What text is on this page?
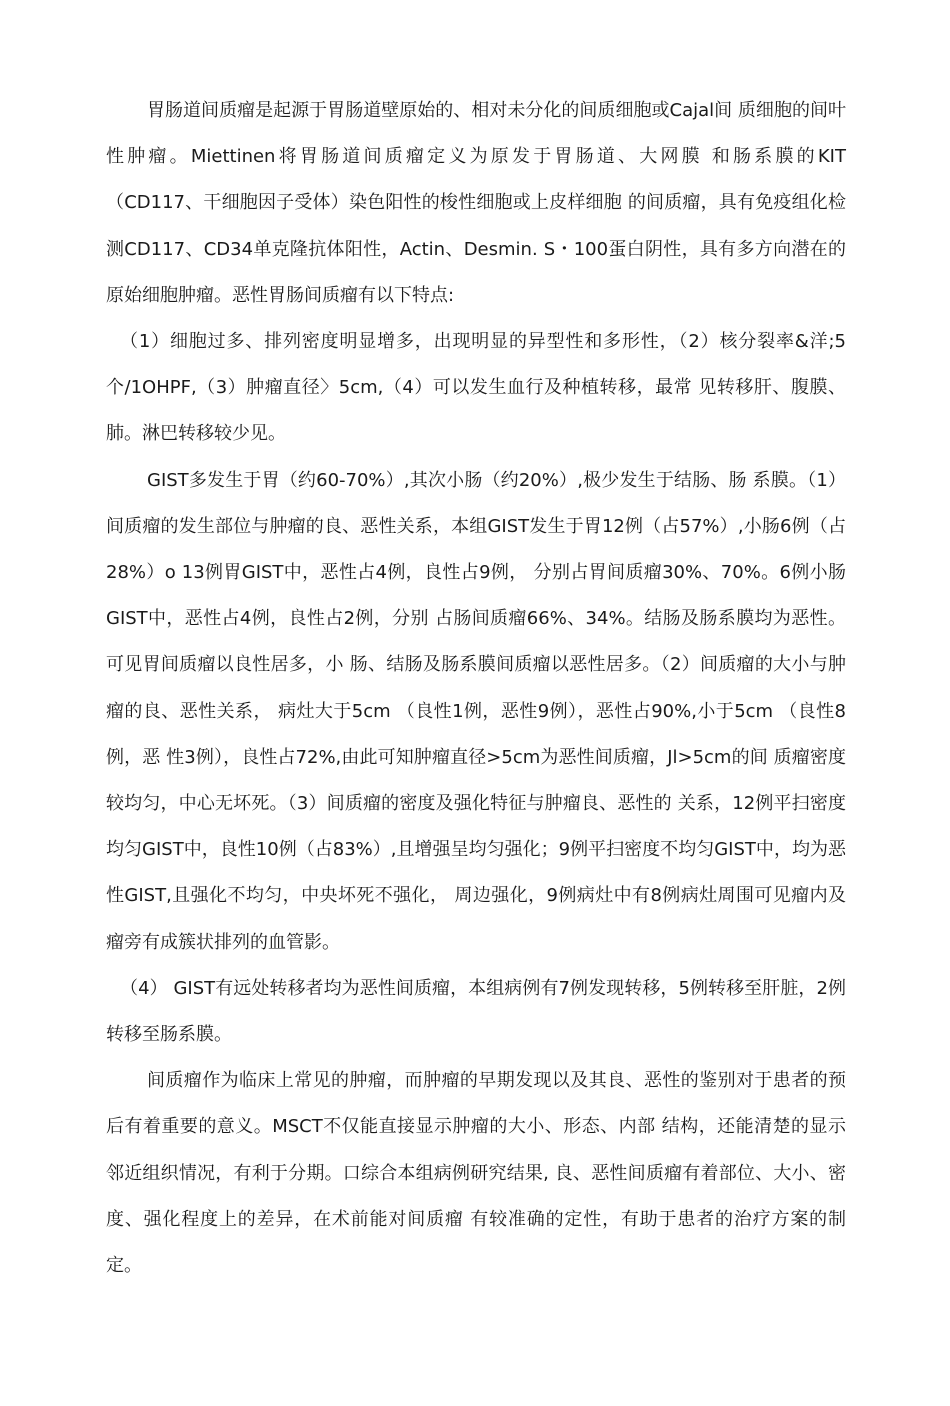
胃肠道间质瘤是起源于胃肠道壁原始的、相对未分化的间质细胞或Cajal间 质细胞的间叶性肿瘤。Miettinen将胃肠道间质瘤定义为原发于胃肠道、大网膜 和肠系膜的KIT （CD117、干细胞因子受体）染色阳性的梭性细胞或上皮样细胞 的间质瘤，具有免疫组化检测CD117、CD34单克隆抗体阳性，Actin、Desmin. S・100蛋白阴性，具有多方向潜在的原始细胞肿瘤。恶性胃肠间质瘤有以下特点:

（1）细胞过多、排列密度明显增多，出现明显的异型性和多形性，（2）核分裂率&洋;5个/1OHPF,（3）肿瘤直径〉5cm,（4）可以发生血行及种植转移，最常 见转移肝、腹膜、肺。淋巴转移较少见。

GIST多发生于胃（约60-70%）,其次小肠（约20%）,极少发生于结肠、肠 系膜。（1）间质瘤的发生部位与肿瘤的良、恶性关系，本组GIST发生于胃12例（占57%）,小肠6例（占28%）o 13例胃GIST中，恶性占4例，良性占9例， 分别占胃间质瘤30%、70%。6例小肠GIST中，恶性占4例，良性占2例，分别 占肠间质瘤66%、34%。结肠及肠系膜均为恶性。可见胃间质瘤以良性居多，小 肠、结肠及肠系膜间质瘤以恶性居多。（2）间质瘤的大小与肿瘤的良、恶性关系， 病灶大于5cm （良性1例，恶性9例），恶性占90%,小于5cm （良性8例，恶 性3例），良性占72%,由此可知肿瘤直径>5cm为恶性间质瘤，Jl>5cm的间 质瘤密度较均匀，中心无坏死。（3）间质瘤的密度及强化特征与肿瘤良、恶性的 关系，12例平扫密度均匀GIST中，良性10例（占83%）,且增强呈均匀强化；9例平扫密度不均匀GIST中，均为恶性GIST,且强化不均匀，中央坏死不强化， 周边强化，9例病灶中有8例病灶周围可见瘤内及瘤旁有成簇状排列的血管影。

（4） GIST有远处转移者均为恶性间质瘤，本组病例有7例发现转移，5例转移至肝脏，2例转移至肠系膜。

间质瘤作为临床上常见的肿瘤，而肿瘤的早期发现以及其良、恶性的鉴别对于患者的预后有着重要的意义。MSCT不仅能直接显示肿瘤的大小、形态、内部 结构，还能清楚的显示邻近组织情况，有利于分期。口综合本组病例研究结果, 良、恶性间质瘤有着部位、大小、密度、强化程度上的差异，在术前能对间质瘤 有较准确的定性，有助于患者的治疗方案的制定。
